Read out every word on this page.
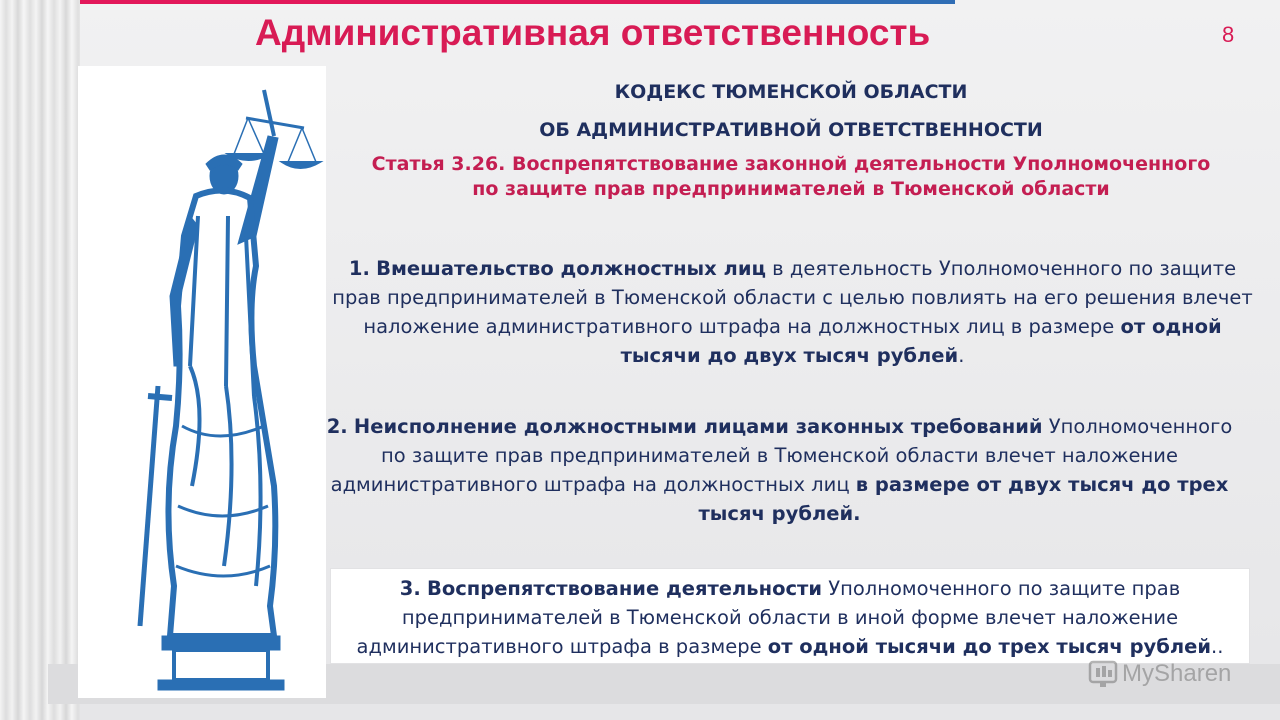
Административная ответственность	8
КОДЕКС ТЮМЕНСКОЙ ОБЛАСТИ
ОБ АДМИНИСТРАТИВНОЙ ОТВЕТСТВЕННОСТИ
Статья 3.26. Воспрепятствование законной деятельности Уполномоченного по защите прав предпринимателей в Тюменской области
1. Вмешательство должностных лиц в деятельность Уполномоченного по защите прав предпринимателей в Тюменской области с целью повлиять на его решения влечет наложение административного штрафа на должностных лиц в размере от одной тысячи до двух тысяч рублей.
2. Неисполнение должностными лицами законных требований Уполномоченного по защите прав предпринимателей в Тюменской области влечет наложение административного штрафа на должностных лиц в размере от двух тысяч до трех тысяч рублей.
3. Воспрепятствование деятельности Уполномоченного по защите прав предпринимателей в Тюменской области в иной форме влечет наложение административного штрафа в размере от одной тысячи до трех тысяч рублей..
MySharen
